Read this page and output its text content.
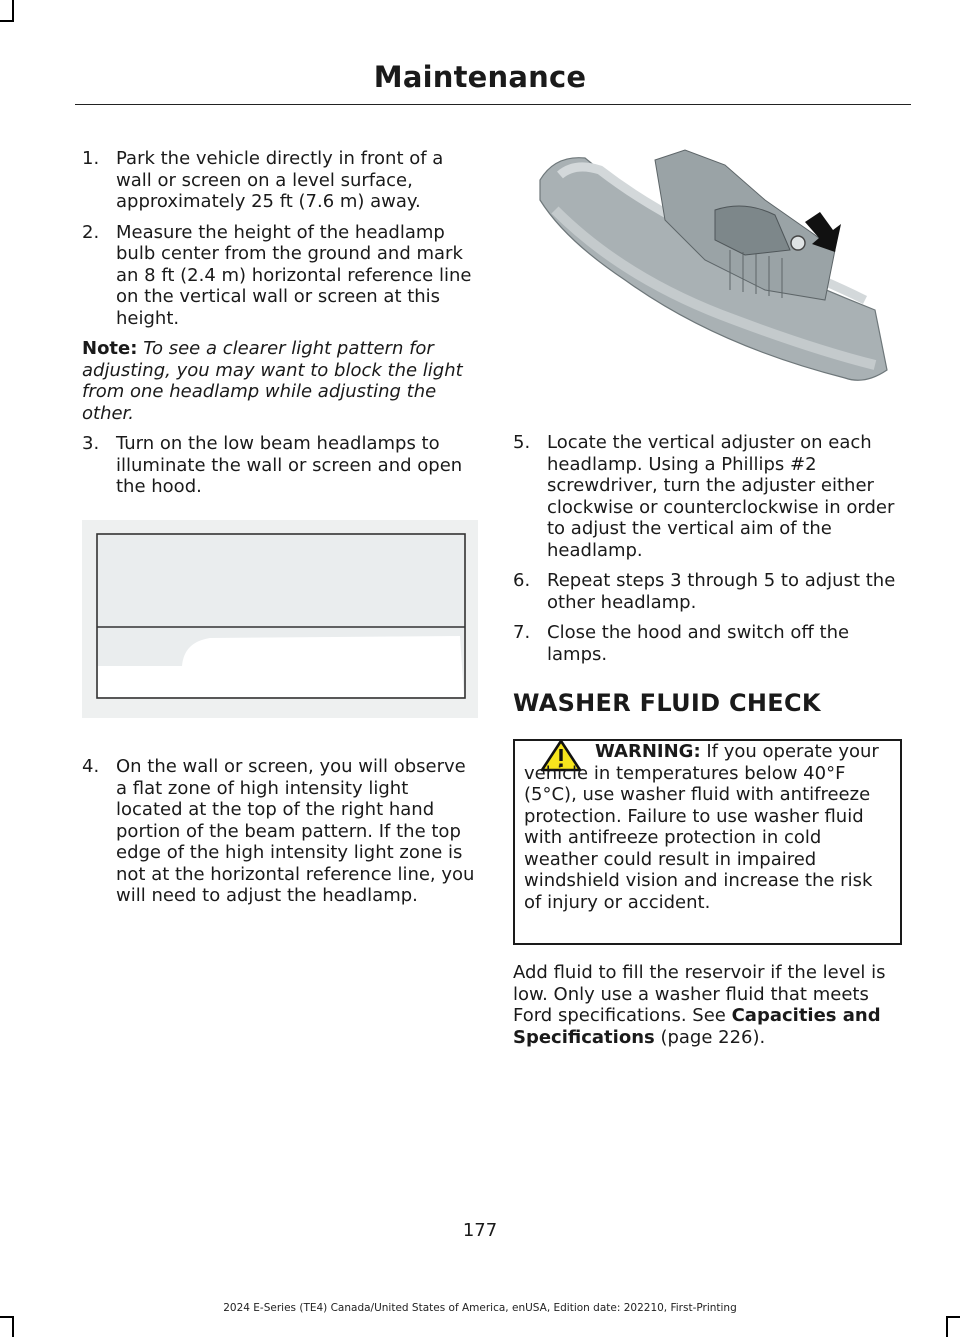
Maintenance
1. Park the vehicle directly in front of a wall or screen on a level surface, approximately 25 ft (7.6 m) away.
2. Measure the height of the headlamp bulb center from the ground and mark an 8 ft (2.4 m) horizontal reference line on the vertical wall or screen at this height.
Note: To see a clearer light pattern for adjusting, you may want to block the light from one headlamp while adjusting the other.
3. Turn on the low beam headlamps to illuminate the wall or screen and open the hood.
4. On the wall or screen, you will observe a flat zone of high intensity light located at the top of the right hand portion of the beam pattern. If the top edge of the high intensity light zone is not at the horizontal reference line, you will need to adjust the headlamp.
5. Locate the vertical adjuster on each headlamp. Using a Phillips #2 screwdriver, turn the adjuster either clockwise or counterclockwise in order to adjust the vertical aim of the headlamp.
6. Repeat steps 3 through 5 to adjust the other headlamp.
7. Close the hood and switch off the lamps.
WASHER FLUID CHECK
WARNING: If you operate your vehicle in temperatures below 40°F (5°C), use washer fluid with antifreeze protection. Failure to use washer fluid with antifreeze protection in cold weather could result in impaired windshield vision and increase the risk of injury or accident.
Add fluid to fill the reservoir if the level is low. Only use a washer fluid that meets Ford specifications. See Capacities and Specifications (page 226).
177
2024 E-Series (TE4) Canada/United States of America, enUSA, Edition date: 202210, First-Printing
